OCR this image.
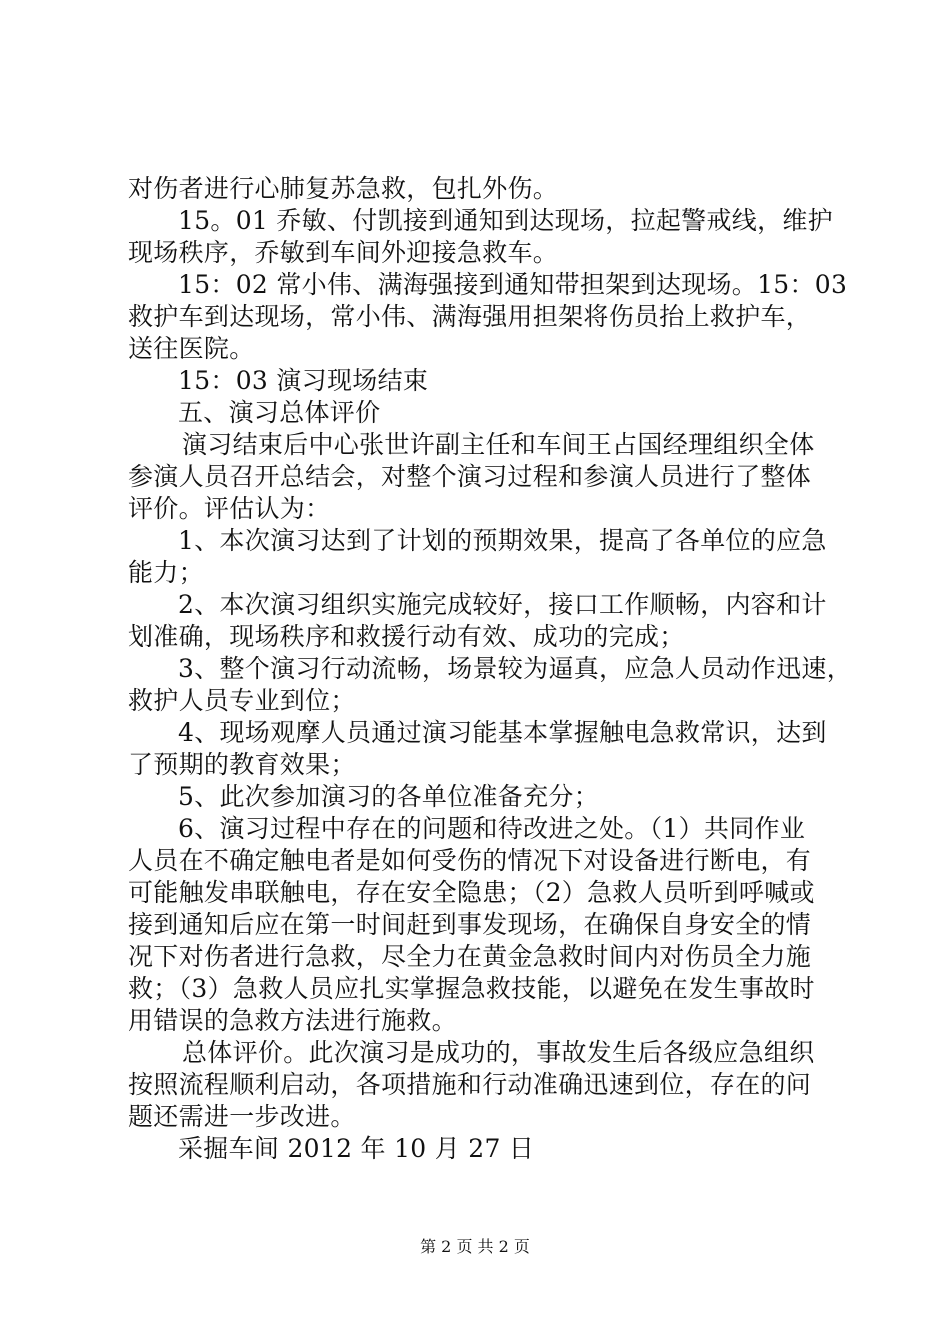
对伤者进行心肺复苏急救，包扎外伤。
15。01 乔敏、付凯接到通知到达现场，拉起警戒线，维护
现场秩序，乔敏到车间外迎接急救车。
15：02 常小伟、满海强接到通知带担架到达现场。15：03
救护车到达现场，常小伟、满海强用担架将伤员抬上救护车，
送往医院。
15：03 演习现场结束
五、演习总体评价
演习结束后中心张世许副主任和车间王占国经理组织全体
参演人员召开总结会，对整个演习过程和参演人员进行了整体
评价。评估认为：
1、本次演习达到了计划的预期效果，提高了各单位的应急
能力；
2、本次演习组织实施完成较好，接口工作顺畅，内容和计
划准确，现场秩序和救援行动有效、成功的完成；
3、整个演习行动流畅，场景较为逼真，应急人员动作迅速，
救护人员专业到位；
4、现场观摩人员通过演习能基本掌握触电急救常识，达到
了预期的教育效果；
5、此次参加演习的各单位准备充分；
6、演习过程中存在的问题和待改进之处。（1）共同作业
人员在不确定触电者是如何受伤的情况下对设备进行断电，有
可能触发串联触电，存在安全隐患；（2）急救人员听到呼喊或
接到通知后应在第一时间赶到事发现场，在确保自身安全的情
况下对伤者进行急救，尽全力在黄金急救时间内对伤员全力施
救；（3）急救人员应扎实掌握急救技能，以避免在发生事故时
用错误的急救方法进行施救。
总体评价。此次演习是成功的，事故发生后各级应急组织
按照流程顺利启动，各项措施和行动准确迅速到位，存在的问
题还需进一步改进。
采掘车间 2012 年 10 月 27 日
第 2 页 共 2 页
